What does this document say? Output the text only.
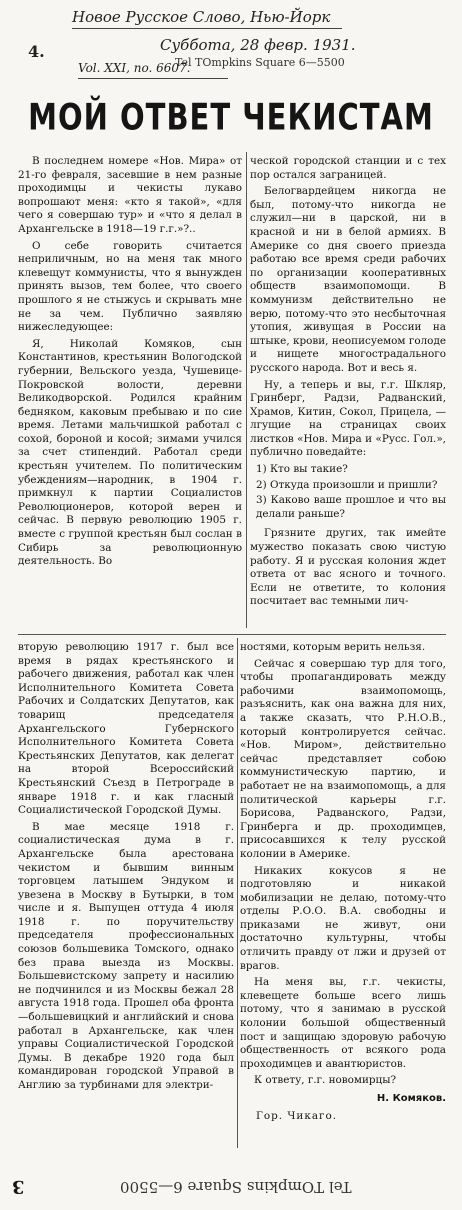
Новое Русское Слово, Нью-Йорк
Суббота, 28 февр. 1931.
4.
Tel TOmpkins Square 6—5500
Vol. XXI, no. 6607.
МОЙ ОТВЕТ ЧЕКИСТАМ

В последнем номере «Нов. Мира» от 21-го февраля, засевшие в нем разные проходимцы и чекисты лукаво вопрошают меня: «кто я такой», «для чего я совершаю тур» и «что я делал в Архангельске в 1918—19 г.г.»?..

О себе говорить считается неприличным, но на меня так много клевещут коммунисты, что я вынужден принять вызов, тем более, что своего прошлого я не стыжусь и скрывать мне не за чем. Публично заявляю нижеследующее:

Я, Николай Комяков, сын Константинов, крестьянин Вологодской губернии, Вельского уезда, Чушевице-Покровской волости, деревни Великодворской. Родился крайним бедняком, каковым пребываю и по сие время. Летами мальчишкой работал с сохой, бороной и косой; зимами учился за счет стипендий. Работал среди крестьян учителем. По политическим убеждениям—народник, в 1904 г. примкнул к партии Социалистов Революционеров, которой верен и сейчас. В первую революцию 1905 г. вместе с группой крестьян был сослан в Сибирь за революционную деятельность. Во

ческой городской станции и с тех пор остался заграницей.

Белогвардейцем никогда не был, потому-что никогда не служил—ни в царской, ни в красной и ни в белой армиях. В Америке со дня своего приезда работаю все время среди рабочих по организации кооперативных обществ взаимопомощи. В коммунизм действительно не верю, потому-что это несбыточная утопия, живущая в России на штыке, крови, неописуемом голоде и нищете многострадального русского народа. Вот и весь я.

Ну, а теперь и вы, г.г. Шкляр, Гринберг, Радзи, Радванский, Храмов, Китин, Сокол, Прицела, —лгущие на страницах своих листков «Нов. Мира и «Русс. Гол.», публично поведайте:

1) Кто вы такие?
2) Откуда произошли и пришли?
3) Каково ваше прошлое и что вы делали раньше?

Грязните других, так имейте мужество показать свою чистую работу. Я и русская колония ждет ответа от вас ясного и точного. Если не ответите, то колония посчитает вас темными лич-

вторую революцию 1917 г. был все время в рядах крестьянского и рабочего движения, работал как член Исполнительного Комитета Совета Рабочих и Солдатских Депутатов, как товарищ председателя Архангельского Губернского Исполнительного Комитета Совета Крестьянских Депутатов, как делегат на второй Всероссийский Крестьянский Съезд в Петрограде в январе 1918 г. и как гласный Социалистической Городской Думы.

В мае месяце 1918 г. социалистическая дума в г. Архангельске была арестована чекистом и бывшим винным торговцем латышем Эндуком и увезена в Москву в Бутырки, в том числе и я. Выпущен оттуда 4 июля 1918 г. по поручительству председателя профессиональных союзов большевика Томского, однако без права выезда из Москвы. Большевистскому запрету и насилию не подчинился и из Москвы бежал 28 августа 1918 года. Прошел оба фронта—большевицкий и английский и снова работал в Архангельске, как член управы Социалистической Городской Думы. В декабре 1920 года был командирован городской Управой в Англию за турбинами для электри-

ностями, которым верить нельзя.

Сейчас я совершаю тур для того, чтобы пропагандировать между рабочими взаимопомощь, разъяснить, как она важна для них, а также сказать, что Р.Н.О.В., который контролируется сейчас. «Нов. Миром», действительно сейчас представляет собою коммунистическую партию, и работает не на взаимопомощь, а для политической карьеры г.г. Борисова, Радванского, Радзи, Гринберга и др. проходимцев, присосавшихся к телу русской колонии в Америке.

Никаких кокусов я не подготовляю и никакой мобилизации не делаю, потому-что отделы Р.О.О. В.А. свободны и приказами не живут, они достаточно культурны, чтобы отличить правду от лжи и друзей от врагов.

На меня вы, г.г. чекисты, клевещете больше всего лишь потому, что я занимаю в русской колонии большой общественный пост и защищаю здоровую рабочую общественность от всякого рода проходимцев и авантюристов.

К ответу, г.г. новомирцы?

Н. Комяков.
Гор. Чикаго.
3	Tel TOmpkins Square 6—5500
